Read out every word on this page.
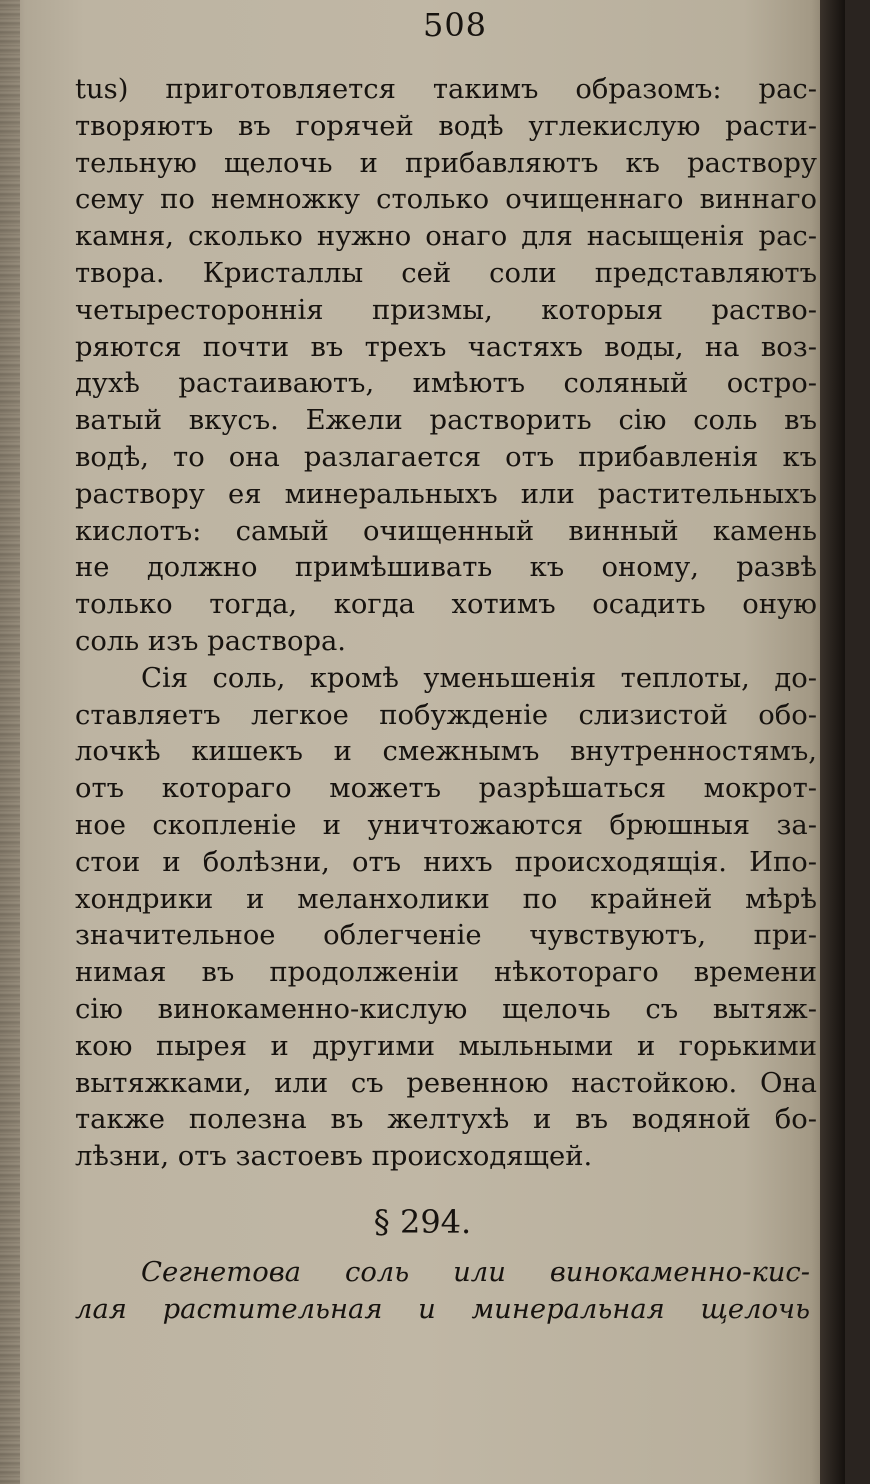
508
tus) приготовляется такимъ образомъ: рас-
творяютъ въ горячей водѣ углекислую расти-
тельную щелочь и прибавляютъ къ раствору
сему по немножку столько очищеннаго виннаго
камня, сколько нужно онаго для насыщенія рас-
твора. Кристаллы сей соли представляютъ
четырестороннія призмы, которыя раство-
ряются почти въ трехъ частяхъ воды, на воз-
духѣ растаиваютъ, имѣютъ соляный остро-
ватый вкусъ. Ежели растворить сію соль въ
водѣ, то она разлагается отъ прибавленія къ
раствору ея минеральныхъ или растительныхъ
кислотъ: самый очищенный винный камень
не должно примѣшивать къ оному, развѣ
только тогда, когда хотимъ осадить оную
соль изъ раствора.
Сія соль, кромѣ уменьшенія теплоты, до-
ставляетъ легкое побужденіе слизистой обо-
лочкѣ кишекъ и смежнымъ внутренностямъ,
отъ котораго можетъ разрѣшаться мокрот-
ное скопленіе и уничтожаются брюшныя за-
стои и болѣзни, отъ нихъ происходящія. Ипо-
хондрики и меланхолики по крайней мѣрѣ
значительное облегченіе чувствуютъ, при-
нимая въ продолженіи нѣкотораго времени
сію винокаменно-кислую щелочь съ вытяж-
кою пырея и другими мыльными и горькими
вытяжками, или съ ревенною настойкою. Она
также полезна въ желтухѣ и въ водяной бо-
лѣзни, отъ застоевъ происходящей.
§ 294.
Сегнетова соль или винокаменно-кис-
лая растительная и минеральная щелочь
